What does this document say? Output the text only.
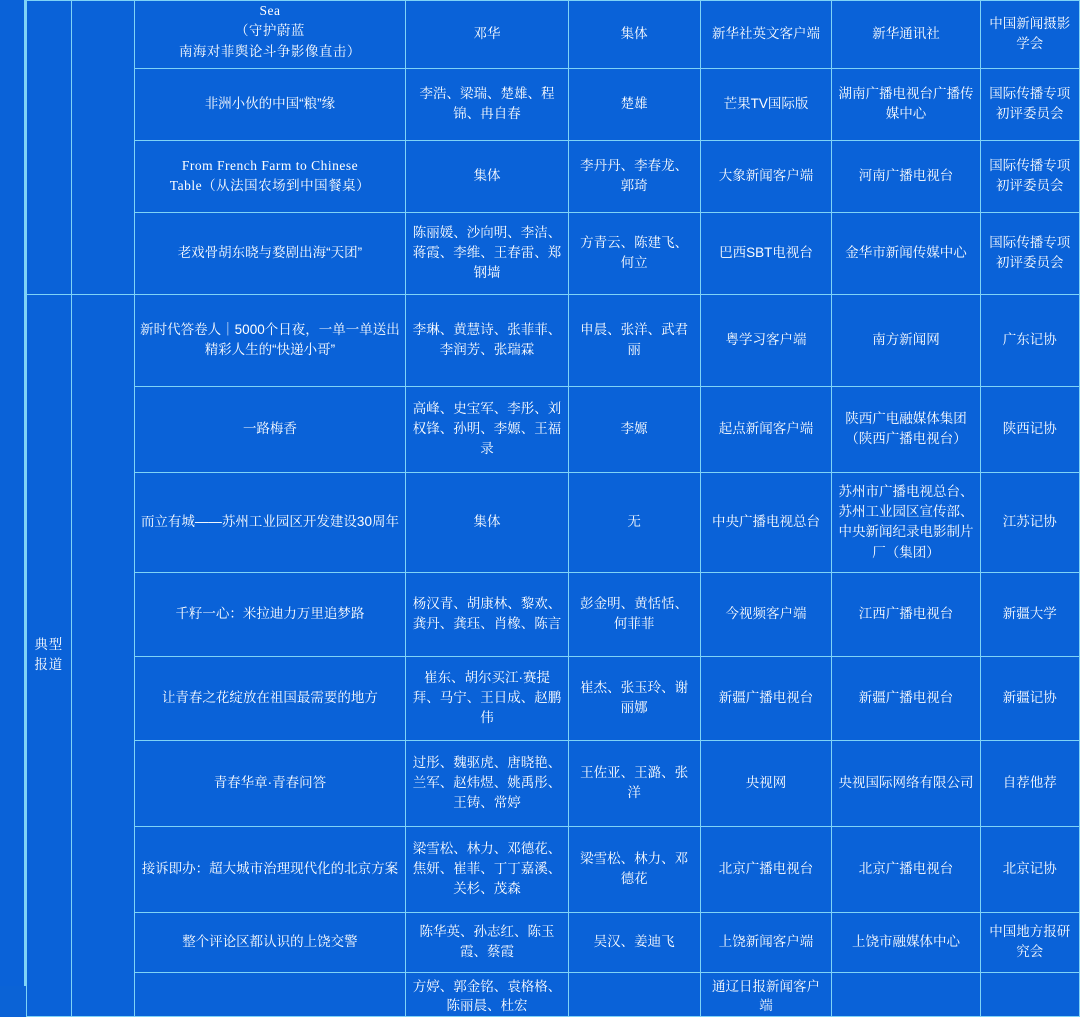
		Sea
（守护蔚蓝
南海对菲舆论斗争影像直击）	邓华	集体	新华社英文客户端	新华通讯社	中国新闻摄影学会
		非洲小伙的中国“粮”缘	李浩、梁瑞、楚雄、程锦、冉自春	楚雄	芒果TV国际版	湖南广播电视台广播传媒中心	国际传播专项初评委员会

		From French Farm to Chinese
Table（从法国农场到中国餐桌）	集体	李丹丹、李春龙、郭琦	大象新闻客户端	河南广播电视台	国际传播专项初评委员会
		老戏骨胡东晓与婺剧出海“天团”	陈丽媛、沙向明、李洁、蒋霞、李维、王春雷、郑钢墙	方青云、陈建飞、何立	巴西SBT电视台	金华市新闻传媒中心	国际传播专项初评委员会
典型报道		新时代答卷人｜5000个日夜，一单一单送出精彩人生的“快递小哥”	李琳、黄慧诗、张菲菲、李润芳、张瑞霖	申晨、张洋、武君丽	粤学习客户端	南方新闻网	广东记协
		一路梅香	高峰、史宝军、李彤、刘权锋、孙明、李嫄、王福录	李嫄	起点新闻客户端	陕西广电融媒体集团（陕西广播电视台）	陕西记协
		而立有城——苏州工业园区开发建设30周年	集体	无	中央广播电视总台	苏州市广播电视总台、苏州工业园区宣传部、中央新闻纪录电影制片厂（集团）	江苏记协
		千籽一心：米拉迪力万里追梦路	杨汉青、胡康林、黎欢、龚丹、龚珏、肖橡、陈言	彭金明、黄恬恬、何菲菲	今视频客户端	江西广播电视台	新疆大学
		让青春之花绽放在祖国最需要的地方	崔东、胡尔买江·赛提拜、马宁、王日成、赵鹏伟	崔杰、张玉玲、谢丽娜	新疆广播电视台	新疆广播电视台	新疆记协
		青春华章·青春问答	过彤、魏驱虎、唐晓艳、兰军、赵炜煜、姚禹彤、王铸、常婷	王佐亚、王潞、张洋	央视网	央视国际网络有限公司	自荐他荐
		接诉即办：超大城市治理现代化的北京方案	梁雪松、林力、邓德花、焦妍、崔菲、丁丁嘉溪、关杉、茂森	梁雪松、林力、邓德花	北京广播电视台	北京广播电视台	北京记协
		整个评论区都认识的上饶交警	陈华英、孙志红、陈玉霞、蔡霞	吴汉、姜迪飞	上饶新闻客户端	上饶市融媒体中心	中国地方报研究会
			方婷、郭金铭、袁格格、陈丽晨、杜宏		通辽日报新闻客户端		
